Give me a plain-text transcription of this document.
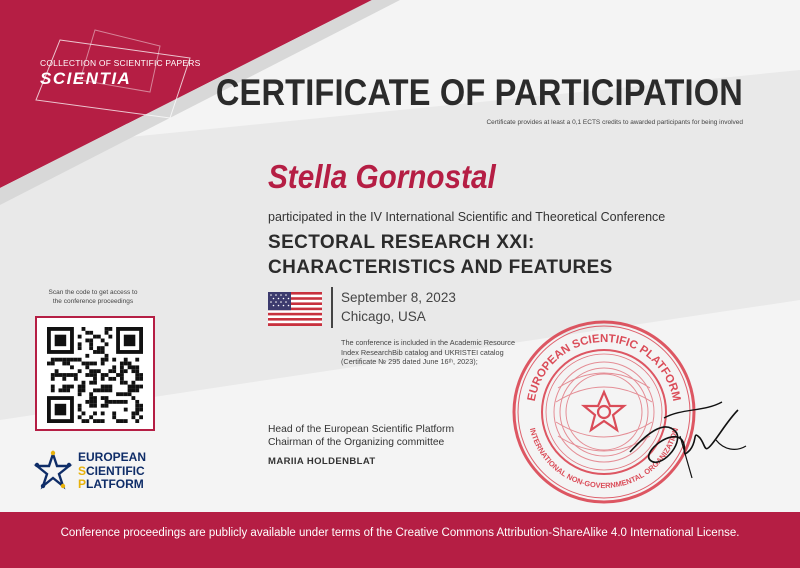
COLLECTION OF SCIENTIFIC PAPERS
SCIENTIA	CERTIFICATE OF PARTICIPATION
Certificate provides at least a 0,1 ECTS credits to awarded participants for being involved
Stella Gornostal
participated in the IV International Scientific and Theoretical Conference
SECTORAL RESEARCH XXI:
CHARACTERISTICS AND FEATURES
September 8, 2023
Chicago, USA
The conference is included in the Academic Resource
Index ResearchBib catalog and UKRISTEI catalog
(Certificate № 295 dated June 16ᵗʰ, 2023);
Scan the code to get access to
the conference proceedings
Head of the European Scientific Platform
Chairman of the Organizing committee
MARIIA HOLDENBLAT
EUROPEAN
SCIENTIFIC
PLATFORM
EUROPEAN SCIENTIFIC PLATFORM
INTERNATIONAL NON-GOVERNMENTAL ORGANIZATION
Conference proceedings are publicly available under terms of the Creative Commons Attribution-ShareAlike 4.0 International License.
